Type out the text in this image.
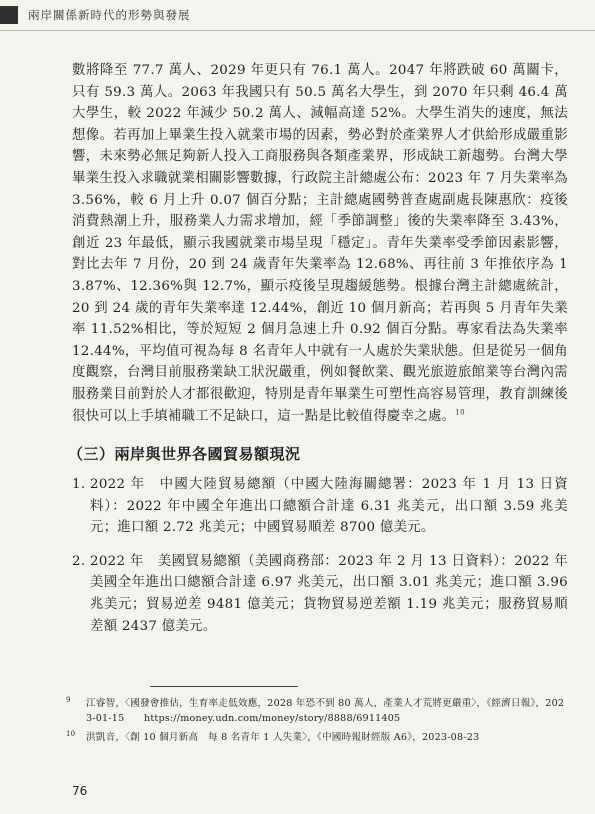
兩岸關係新時代的形勢與發展

數將降至 77.7 萬人、2029 年更只有 76.1 萬人。2047 年將跌破 60 萬關卡，只有 59.3 萬人。2063 年我國只有 50.5 萬名大學生，到 2070 年只剩 46.4 萬大學生，較 2022 年減少 50.2 萬人、減幅高達 52%。大學生消失的速度，無法想像。若再加上畢業生投入就業市場的因素，勢必對於產業界人才供給形成嚴重影響，未來勢必無足夠新人投入工商服務與各類產業界，形成缺工新趨勢。台灣大學畢業生投入求職就業相關影響數據，行政院主計總處公布：2023 年 7 月失業率為 3.56%，較 6 月上升 0.07 個百分點；主計總處國勢普查處副處長陳惠欣：疫後消費熱潮上升，服務業人力需求增加，經「季節調整」後的失業率降至 3.43%，創近 23 年最低，顯示我國就業市場呈現「穩定」。青年失業率受季節因素影響，對比去年 7 月份，20 到 24 歲青年失業率為 12.68%、再往前 3 年推依序為 13.87%、12.36%與 12.7%，顯示疫後呈現趨緩態勢。根據台灣主計總處統計，20 到 24 歲的青年失業率達 12.44%，創近 10 個月新高；若再與 5 月青年失業率 11.52%相比，等於短短 2 個月急速上升 0.92 個百分點。專家看法為失業率 12.44%，平均值可視為每 8 名青年人中就有一人處於失業狀態。但是從另一個角度觀察，台灣目前服務業缺工狀況嚴重，例如餐飲業、觀光旅遊旅館業等台灣內需服務業目前對於人才都很歡迎，特別是青年畢業生可塑性高容易管理，教育訓練後很快可以上手填補職工不足缺口，這一點是比較值得慶幸之處。$^{10}$

（三）兩岸與世界各國貿易額現況
1. 2022 年　中國大陸貿易總額（中國大陸海關總署：2023 年 1 月 13 日資料）：2022 年中國全年進出口總額合計達 6.31 兆美元，出口額 3.59 兆美元；進口額 2.72 兆美元；中國貿易順差 8700 億美元。
2. 2022 年　美國貿易總額（美國商務部：2023 年 2 月 13 日資料）：2022 年美國全年進出口總額合計達 6.97 兆美元，出口額 3.01 兆美元；進口額 3.96 兆美元；貿易逆差 9481 億美元；貨物貿易逆差額 1.19 兆美元；服務貿易順差額 2437 億美元。
9 江睿智，〈國發會推估，生育率走低效應，2028 年恐不到 80 萬人，產業人才荒將更嚴重〉，《經濟日報》，2023-01-15　　https://money.udn.com/money/story/8888/6911405
10 洪凱音，〈創 10 個月新高　每 8 名青年 1 人失業〉，《中國時報財經版 A6》，2023-08-23
76
